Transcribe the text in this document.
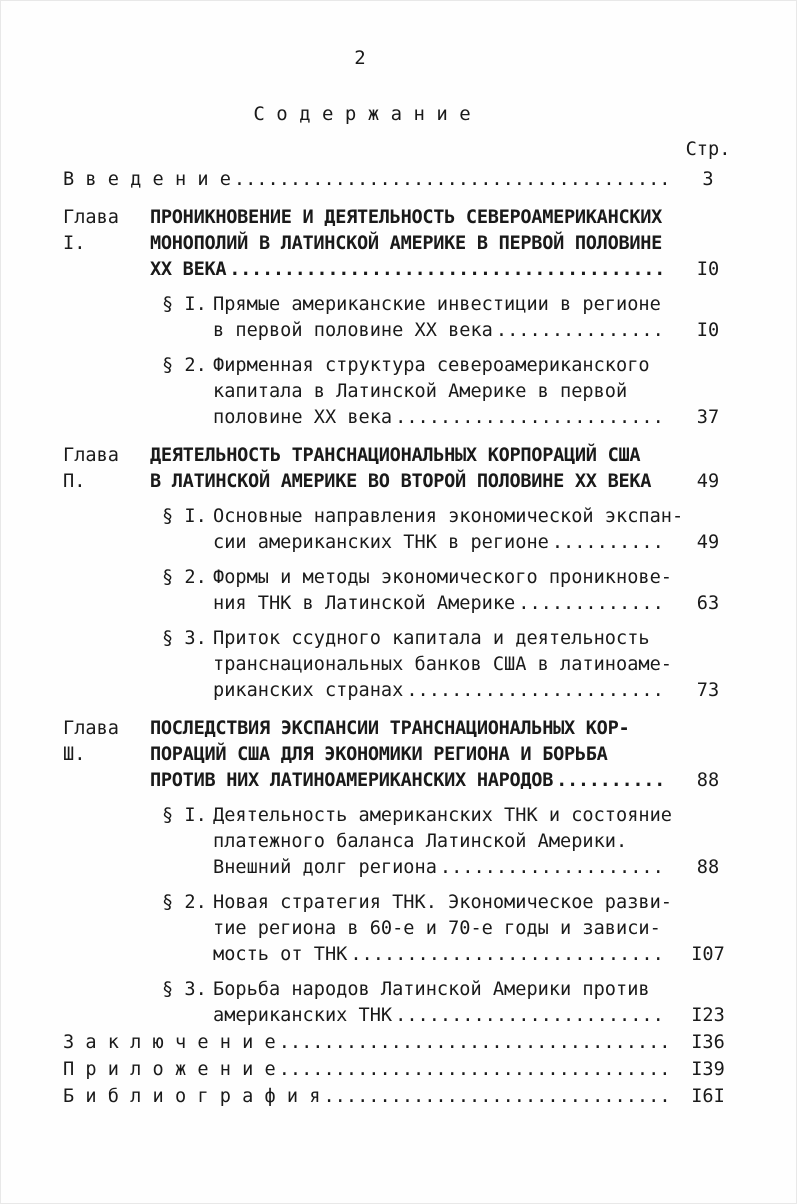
2
С о д е р ж а н и е
Стр.
В в е д е н и е .....	3
Глава I.
ПРОНИКНОВЕНИЕ И ДЕЯТЕЛЬНОСТЬ СЕВЕРОАМЕРИКАНСКИХ
МОНОПОЛИЙ В ЛАТИНСКОЙ АМЕРИКЕ В ПЕРВОЙ ПОЛОВИНЕ
XX ВЕКА .....	I0
§ I. Прямые американские инвестиции в регионе
в первой половине XX века .....	I0
§ 2. Фирменная структура североамериканского
капитала в Латинской Америке в первой
половине XX века .....	37
Глава П.
ДЕЯТЕЛЬНОСТЬ ТРАНСНАЦИОНАЛЬНЫХ КОРПОРАЦИЙ США
В ЛАТИНСКОЙ АМЕРИКЕ ВО ВТОРОЙ ПОЛОВИНЕ XX ВЕКА	49
§ I. Основные направления экономической экспан-
сии американских ТНК в регионе .....	49
§ 2. Формы и методы экономического проникнове-
ния ТНК в Латинской Америке .....	63
§ 3. Приток ссудного капитала и деятельность
транснациональных банков США в латиноаме-
риканских странах .....	73
Глава Ш.
ПОСЛЕДСТВИЯ ЭКСПАНСИИ ТРАНСНАЦИОНАЛЬНЫХ КОР-
ПОРАЦИЙ США ДЛЯ ЭКОНОМИКИ РЕГИОНА И БОРЬБА
ПРОТИВ НИХ ЛАТИНОАМЕРИКАНСКИХ НАРОДОВ .....	88
§ I. Деятельность американских ТНК и состояние
платежного баланса Латинской Америки.
Внешний долг региона .....	88
§ 2. Новая стратегия ТНК. Экономическое разви-
тие региона в 60-е и 70-е годы и зависи-
мость от ТНК .....	I07
§ 3. Борьба народов Латинской Америки против
американских ТНК .....	I23
З а к л ю ч е н и е .....	I36
П р и л о ж е н и е .....	I39
Б и б л и о г р а ф и я .....	I6I
